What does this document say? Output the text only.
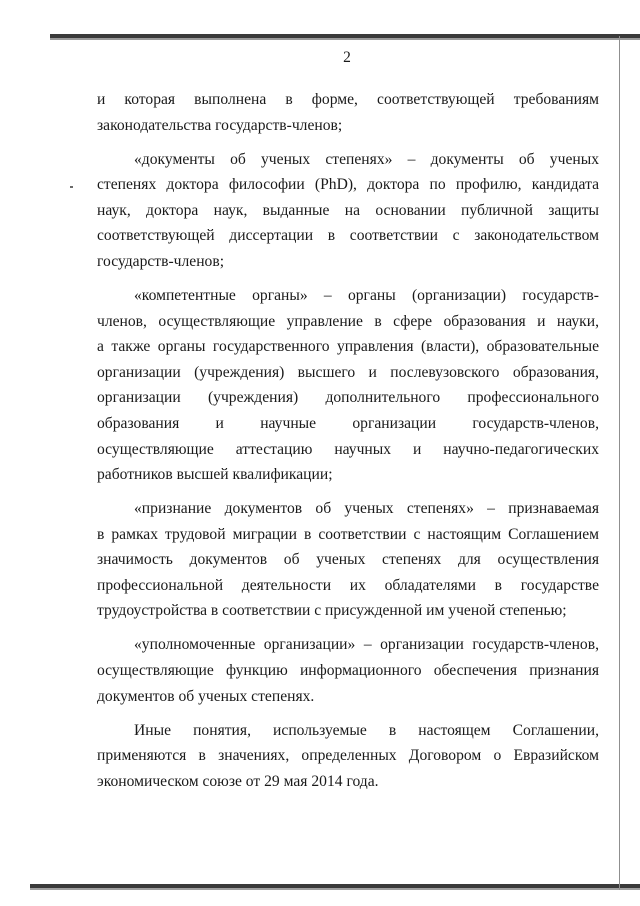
2
и которая выполнена в форме, соответствующей требованиям
законодательства государств-членов;
«документы об ученых степенях» – документы об ученых
степенях доктора философии (PhD), доктора по профилю, кандидата
наук, доктора наук, выданные на основании публичной защиты
соответствующей диссертации в соответствии с законодательством
государств-членов;
«компетентные органы» – органы (организации) государств-
членов, осуществляющие управление в сфере образования и науки,
а также органы государственного управления (власти), образовательные
организации (учреждения) высшего и послевузовского образования,
организации (учреждения) дополнительного профессионального
образования и научные организации государств-членов,
осуществляющие аттестацию научных и научно-педагогических
работников высшей квалификации;
«признание документов об ученых степенях» – признаваемая
в рамках трудовой миграции в соответствии с настоящим Соглашением
значимость документов об ученых степенях для осуществления
профессиональной деятельности их обладателями в государстве
трудоустройства в соответствии с присужденной им ученой степенью;
«уполномоченные организации» – организации государств-членов,
осуществляющие функцию информационного обеспечения признания
документов об ученых степенях.
Иные понятия, используемые в настоящем Соглашении,
применяются в значениях, определенных Договором о Евразийском
экономическом союзе от 29 мая 2014 года.
